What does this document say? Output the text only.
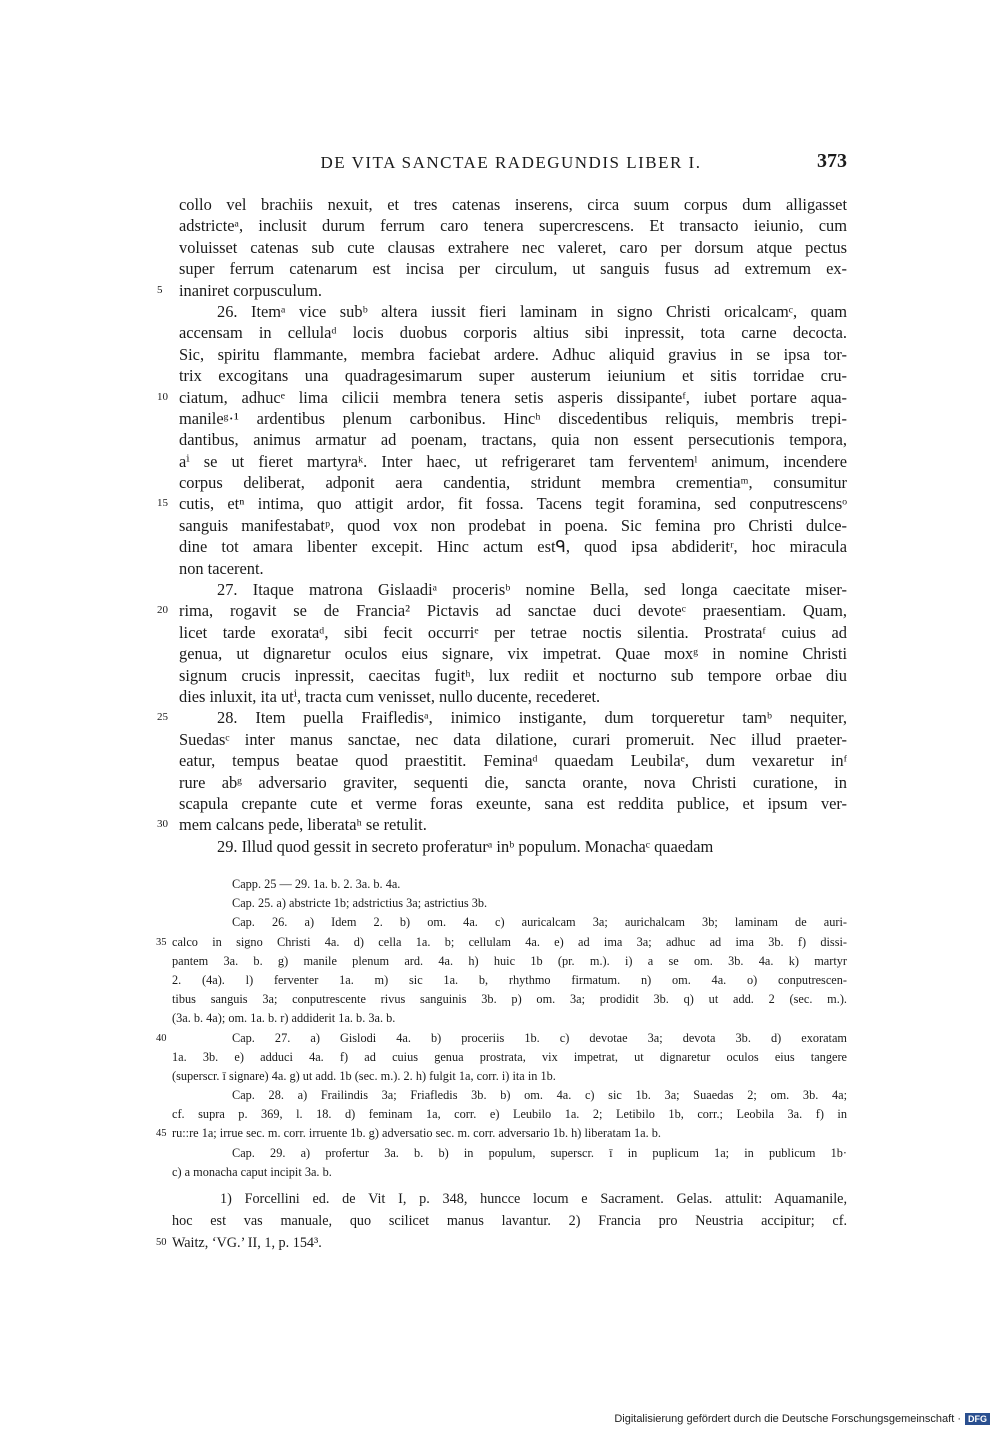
DE VITA SANCTAE RADEGUNDIS LIBER I.	373
collo vel brachiis nexuit, et tres catenas inserens, circa suum corpus dum alligasset
adstricteᵃ, inclusit durum ferrum caro tenera supercrescens. Et transacto ieiunio, cum
voluisset catenas sub cute clausas extrahere nec valeret, caro per dorsum atque pectus
super ferrum catenarum est incisa per circulum, ut sanguis fusus ad extremum ex-
5 inaniret corpusculum.
26. Itemᵃ vice subᵇ altera iussit fieri laminam in signo Christi oricalcamᶜ, quam
accensam in cellulaᵈ locis duobus corporis altius sibi inpressit, tota carne decocta.
Sic, spiritu flammante, membra faciebat ardere. Adhuc aliquid gravius in se ipsa tor-
trix excogitans una quadragesimarum super austerum ieiunium et sitis torridae cru-
10 ciatum, adhucᵉ lima cilicii membra tenera setis asperis dissipanteᶠ, iubet portare aqua-
manileᵍ·¹ ardentibus plenum carbonibus. Hincʰ discedentibus reliquis, membris trepi-
dantibus, animus armatur ad poenam, tractans, quia non essent persecutionis tempora,
aⁱ se ut fieret martyraᵏ. Inter haec, ut refrigeraret tam ferventemˡ animum, incendere
corpus deliberat, adponit aera candentia, stridunt membra crementiaᵐ, consumitur
15 cutis, etⁿ intima, quo attigit ardor, fit fossa. Tacens tegit foramina, sed conputrescensᵒ
sanguis manifestabatᵖ, quod vox non prodebat in poena. Sic femina pro Christi dulce-
dine tot amara libenter excepit. Hinc actum estᑫ, quod ipsa abdideritʳ, hoc miracula
non tacerent.
27. Itaque matrona Gislaadiᵃ procerisᵇ nomine Bella, sed longa caecitate miser-
20 rima, rogavit se de Francia² Pictavis ad sanctae duci devoteᶜ praesentiam. Quam,
licet tarde exorataᵈ, sibi fecit occurriᵉ per tetrae noctis silentia. Prostrataᶠ cuius ad
genua, ut dignaretur oculos eius signare, vix impetrat. Quae moxᵍ in nomine Christi
signum crucis inpressit, caecitas fugitʰ, lux rediit et nocturno sub tempore orbae diu
dies inluxit, ita utⁱ, tracta cum venisset, nullo ducente, recederet.
25	28. Item puella Fraifledisᵃ, inimico instigante, dum torqueretur tamᵇ nequiter,
Suedasᶜ inter manus sanctae, nec data dilatione, curari promeruit. Nec illud praeter-
eatur, tempus beatae quod praestitit. Feminaᵈ quaedam Leubilaᵉ, dum vexaretur inᶠ
rure abᵍ adversario graviter, sequenti die, sancta orante, nova Christi curatione, in
scapula crepante cute et verme foras exeunte, sana est reddita publice, et ipsum ver-
30 mem calcans pede, liberataʰ se retulit.
29. Illud quod gessit in secreto proferaturᵃ inᵇ populum. Monachaᶜ quaedam
Capp. 25 — 29. 1a. b. 2. 3a. b. 4a.
Cap. 25. a) abstricte 1b; adstrictius 3a; astrictius 3b.
Cap. 26. a) Idem 2. b) om. 4a. c) auricalcam 3a; aurichalcam 3b; laminam de auri-
35 calco in signo Christi 4a. d) cella 1a. b; cellulam 4a. e) ad ima 3a; adhuc ad ima 3b. f) dissi-
pantem 3a. b. g) manile plenum ard. 4a. h) huic 1b (pr. m.). i) a se om. 3b. 4a. k) martyr
2. (4a). l) ferventer 1a. m) sic 1a. b, rhythmo firmatum. n) om. 4a. o) conputrescen-
tibus sanguis 3a; conputrescente rivus sanguinis 3b. p) om. 3a; prodidit 3b. q) ut add. 2 (sec. m.).
(3a. b. 4a); om. 1a. b. r) addiderit 1a. b. 3a. b.
40	Cap. 27. a) Gislodi 4a. b) proceriis 1b. c) devotae 3a; devota 3b. d) exoratam
1a. 3b. e) adduci 4a. f) ad cuius genua prostrata, vix impetrat, ut dignaretur oculos eius tangere
(superscr. ī signare) 4a. g) ut add. 1b (sec. m.). 2. h) fulgit 1a, corr. i) ita in 1b.
Cap. 28. a) Frailindis 3a; Friafledis 3b. b) om. 4a. c) sic 1b. 3a; Suaedas 2; om. 3b. 4a;
cf. supra p. 369, l. 18. d) feminam 1a, corr. e) Leubilo 1a. 2; Letibilo 1b, corr.; Leobila 3a. f) in
45 ru::re 1a; irrue sec. m. corr. irruente 1b. g) adversatio sec. m. corr. adversario 1b. h) liberatam 1a. b.
Cap. 29. a) profertur 3a. b. b) in populum, superscr. ī in puplicum 1a; in publicum 1b·
c) a monacha caput incipit 3a. b.
1) Forcellini ed. de Vit I, p. 348, huncce locum e Sacrament. Gelas. attulit: Aquamanile,
hoc est vas manuale, quo scilicet manus lavantur. 2) Francia pro Neustria accipitur; cf.
50 Waitz, ‘VG.’ II, 1, p. 154³.
Digitalisierung gefördert durch die Deutsche Forschungsgemeinschaft · DFG
